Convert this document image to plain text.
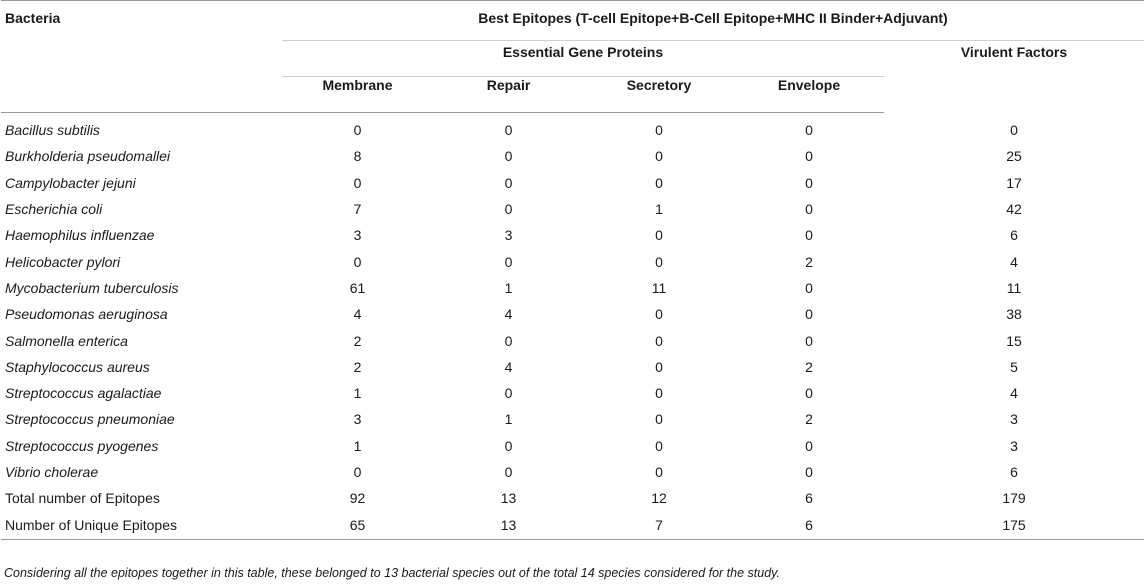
Bacteria	Best Epitopes (T-cell Epitope+B-Cell Epitope+MHC II Binder+Adjuvant)				
	Essential Gene Proteins				Virulent Factors
	Membrane	Repair	Secretory	Envelope	
Bacillus subtilis	0	0	0	0	0
Burkholderia pseudomallei	8	0	0	0	25
Campylobacter jejuni	0	0	0	0	17
Escherichia coli	7	0	1	0	42
Haemophilus influenzae	3	3	0	0	6
Helicobacter pylori	0	0	0	2	4
Mycobacterium tuberculosis	61	1	11	0	11
Pseudomonas aeruginosa	4	4	0	0	38
Salmonella enterica	2	0	0	0	15
Staphylococcus aureus	2	4	0	2	5
Streptococcus agalactiae	1	0	0	0	4
Streptococcus pneumoniae	3	1	0	2	3
Streptococcus pyogenes	1	0	0	0	3
Vibrio cholerae	0	0	0	0	6
Total number of Epitopes	92	13	12	6	179
Number of Unique Epitopes	65	13	7	6	175
Considering all the epitopes together in this table, these belonged to 13 bacterial species out of the total 14 species considered for the study.
